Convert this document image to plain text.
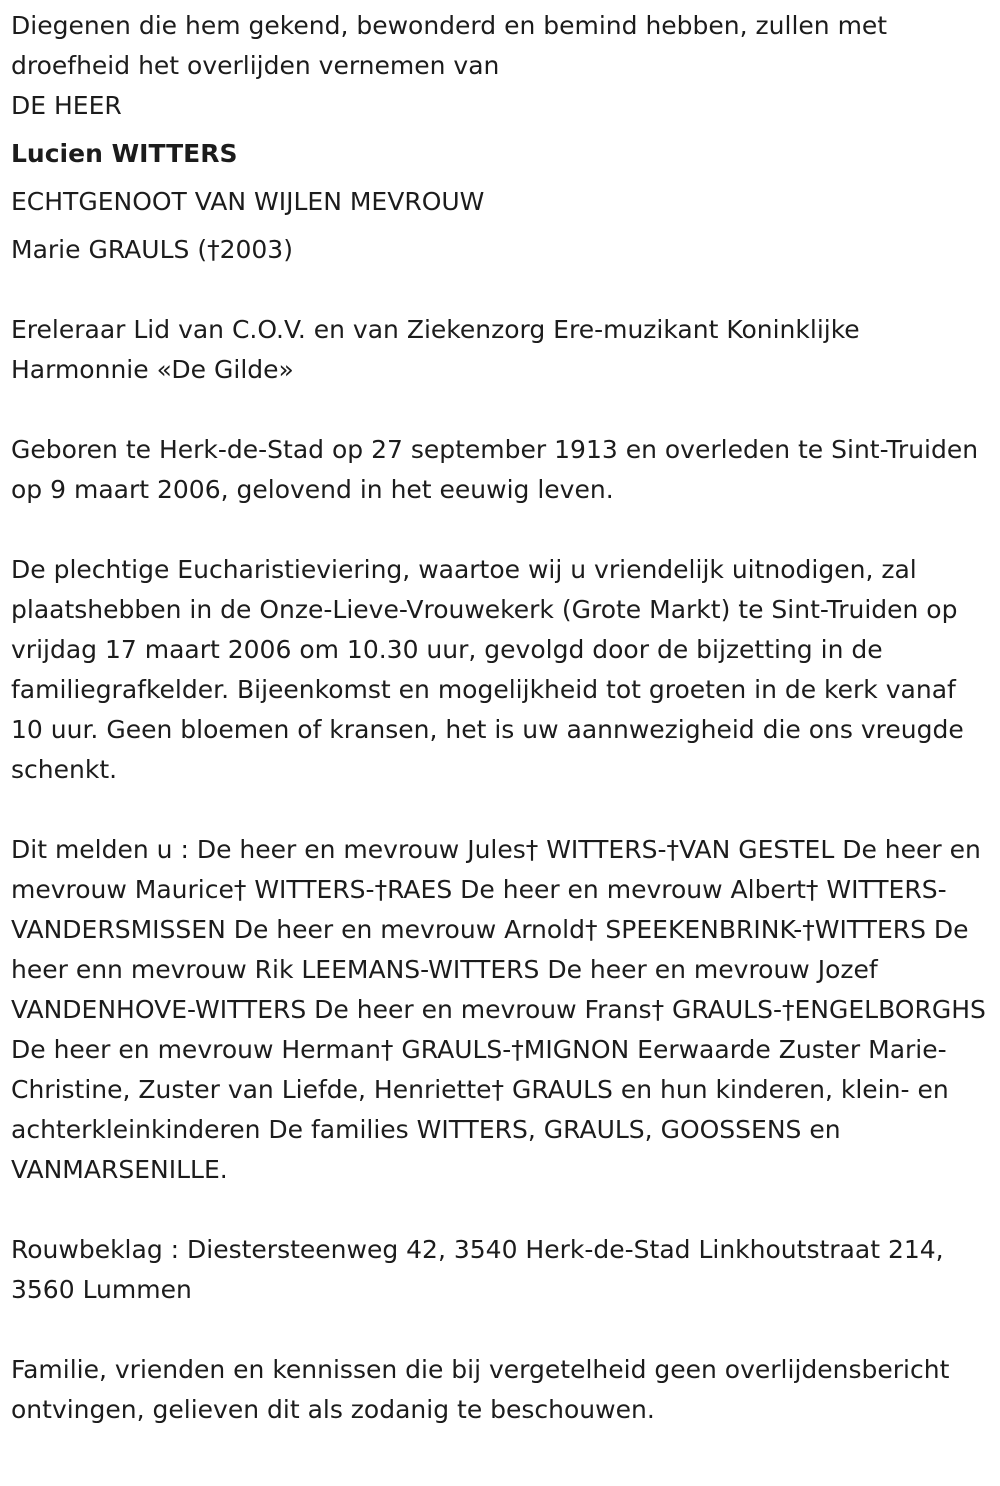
Diegenen die hem gekend, bewonderd en bemind hebben, zullen met droefheid het overlijden vernemen van

DE HEER

Lucien WITTERS

ECHTGENOOT VAN WIJLEN MEVROUW

Marie GRAULS (†2003)

Ereleraar Lid van C.O.V. en van Ziekenzorg Ere-muzikant Koninklijke Harmonnie «De Gilde»

Geboren te Herk-de-Stad op 27 september 1913 en overleden te Sint-Truiden op 9 maart 2006, gelovend in het eeuwig leven.

De plechtige Eucharistieviering, waartoe wij u vriendelijk uitnodigen, zal plaatshebben in de Onze-Lieve-Vrouwekerk (Grote Markt) te Sint-Truiden op vrijdag 17 maart 2006 om 10.30 uur, gevolgd door de bijzetting in de familiegrafkelder. Bijeenkomst en mogelijkheid tot groeten in de kerk vanaf 10 uur. Geen bloemen of kransen, het is uw aannwezigheid die ons vreugde schenkt.

Dit melden u : De heer en mevrouw Jules† WITTERS-†VAN GESTEL De heer en mevrouw Maurice† WITTERS-†RAES De heer en mevrouw Albert† WITTERS-VANDERSMISSEN De heer en mevrouw Arnold† SPEEKENBRINK-†WITTERS De heer enn mevrouw Rik LEEMANS-WITTERS De heer en mevrouw Jozef VANDENHOVE-WITTERS De heer en mevrouw Frans† GRAULS-†ENGELBORGHS De heer en mevrouw Herman† GRAULS-†MIGNON Eerwaarde Zuster Marie-Christine, Zuster van Liefde, Henriette† GRAULS en hun kinderen, klein- en achterkleinkinderen De families WITTERS, GRAULS, GOOSSENS en VANMARSENILLE.

Rouwbeklag : Diestersteenweg 42, 3540 Herk-de-Stad Linkhoutstraat 214, 3560 Lummen

Familie, vrienden en kennissen die bij vergetelheid geen overlijdensbericht ontvingen, gelieven dit als zodanig te beschouwen.
